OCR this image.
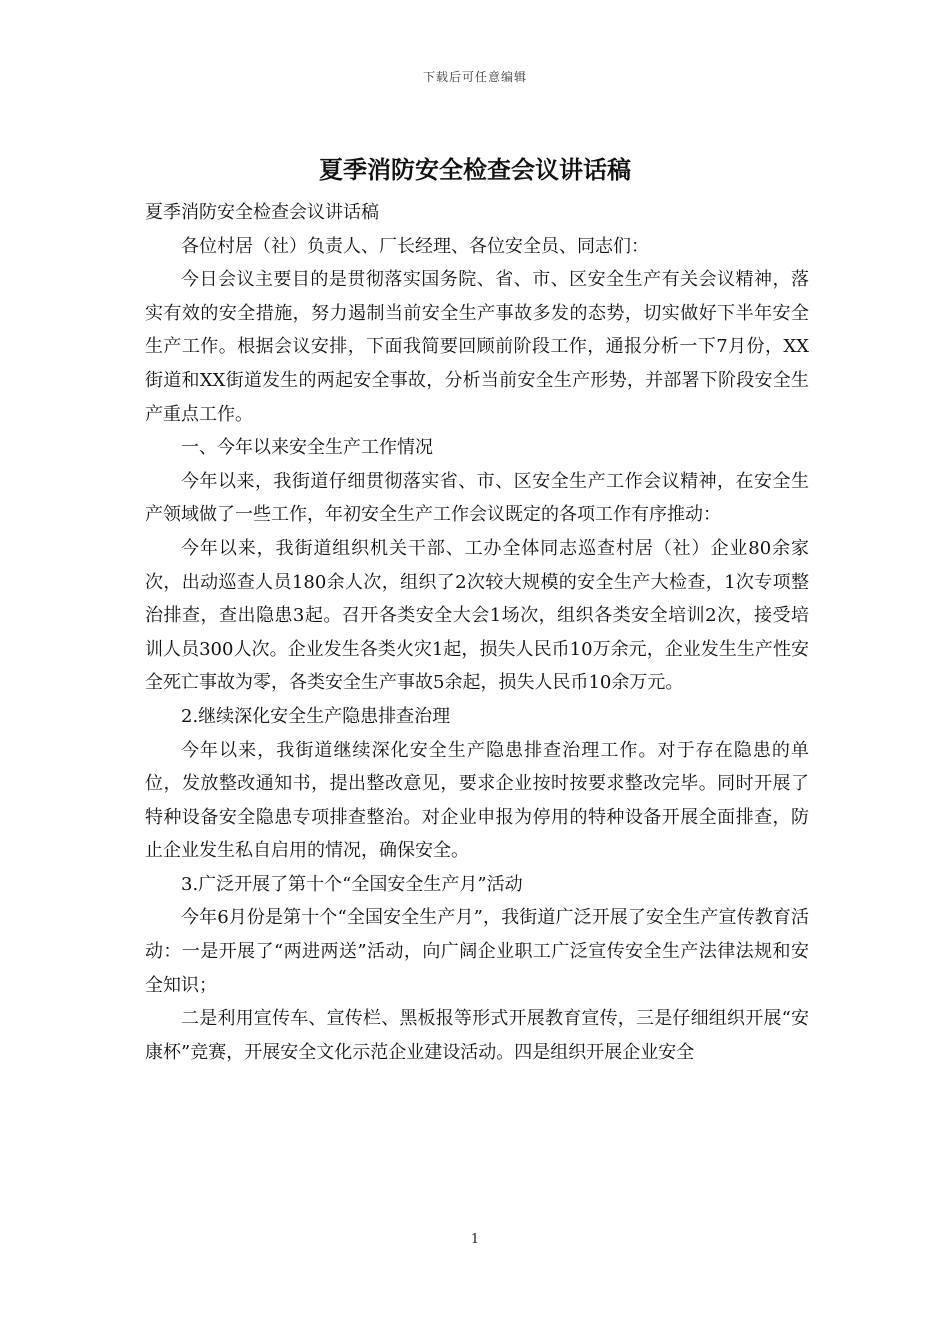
下载后可任意编辑
夏季消防安全检查会议讲话稿

夏季消防安全检查会议讲话稿

各位村居（社）负责人、厂长经理、各位安全员、同志们：

今日会议主要目的是贯彻落实国务院、省、市、区安全生产有关会议精神，落实有效的安全措施，努力遏制当前安全生产事故多发的态势，切实做好下半年安全生产工作。根据会议安排，下面我简要回顾前阶段工作，通报分析一下7月份，XX街道和XX街道发生的两起安全事故，分析当前安全生产形势，并部署下阶段安全生产重点工作。

一、今年以来安全生产工作情况

今年以来，我街道仔细贯彻落实省、市、区安全生产工作会议精神，在安全生产领域做了一些工作，年初安全生产工作会议既定的各项工作有序推动：

今年以来，我街道组织机关干部、工办全体同志巡查村居（社）企业80余家次，出动巡查人员180余人次，组织了2次较大规模的安全生产大检查，1次专项整治排查，查出隐患3起。召开各类安全大会1场次，组织各类安全培训2次，接受培训人员300人次。企业发生各类火灾1起，损失人民币10万余元，企业发生生产性安全死亡事故为零，各类安全生产事故5余起，损失人民币10余万元。

2.继续深化安全生产隐患排查治理

今年以来，我街道继续深化安全生产隐患排查治理工作。对于存在隐患的单位，发放整改通知书，提出整改意见，要求企业按时按要求整改完毕。同时开展了特种设备安全隐患专项排查整治。对企业申报为停用的特种设备开展全面排查，防止企业发生私自启用的情况，确保安全。

3.广泛开展了第十个“全国安全生产月”活动

今年6月份是第十个“全国安全生产月”，我街道广泛开展了安全生产宣传教育活动：一是开展了“两进两送”活动，向广阔企业职工广泛宣传安全生产法律法规和安全知识；

二是利用宣传车、宣传栏、黑板报等形式开展教育宣传，三是仔细组织开展“安康杯”竞赛，开展安全文化示范企业建设活动。四是组织开展企业安全

1
